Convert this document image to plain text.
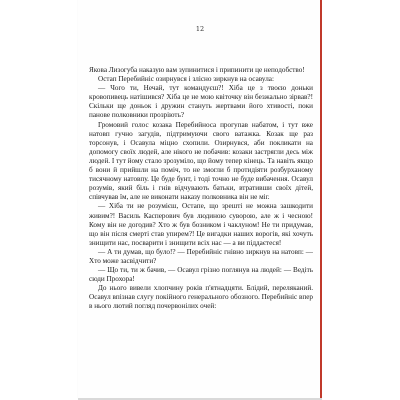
12

Якова Лизогуба наказую вам зупинитися і припинити це неподобство!

Остап Перебийніс озирнувся і злісно зиркнув на осавула:

— Чого ти, Нечай, тут командуєш?! Хіба це з твоєю доньки кровопивець натішився? Хіба це не мою квіточку він безжально зірвав?! Скільки ще доньок і дружин стануть жертвами його хтивості, поки панове полковники прозріють?

Громовий голос козака Перебийноса прогупав набатом, і тут вже натовп гучно загудів, підтримуючи свого ватажка. Козак ще раз торсонув, і Осавула міцно схопили. Озирнувся, аби покликати на допомогу своїх людей, але нікого не побачив: козаки застрягли десь між людей. І тут йому стало зрозуміло, що йому тепер кінець. Та навіть якщо б вони й прийшли на поміч, то не змогли б протидіяти розбурханому тисячному натовпу. Це буде бунт, і тоді точно не буде вибачення. Осавул розумів, який біль і гнів відчувають батьки, втративши своїх дітей, співчував їм, але не виконати наказу полковника він не міг.

— Хіба ти не розумієш, Остапе, що зрешті не можна зашкодити живим?! Василь Касперович був людиною суворою, але ж і чесною! Кому він не догодив? Хто ж був бозником і чаклуном! Не ти придумав, що він після смерті став упирем?! Це вигадки наших ворогів, які хочуть знищити нас, посварити і знищити всіх нас — а ви піддаєтеся!

— А ти думав, що було!? — Перебийніс гнівно зиркнув на натовп: — Хто може засвідчити?

— Що ти, ти ж бачив, — Осавул грізно поглянув на людей: — Ведіть сюди Прохора!

До нього вивели хлопчину років п'ятнадцяти. Блідий, переляканий. Осавул впізнав слугу покійного генерального обозного. Перебийніс впер в нього лютий погляд почервонілих очей:
